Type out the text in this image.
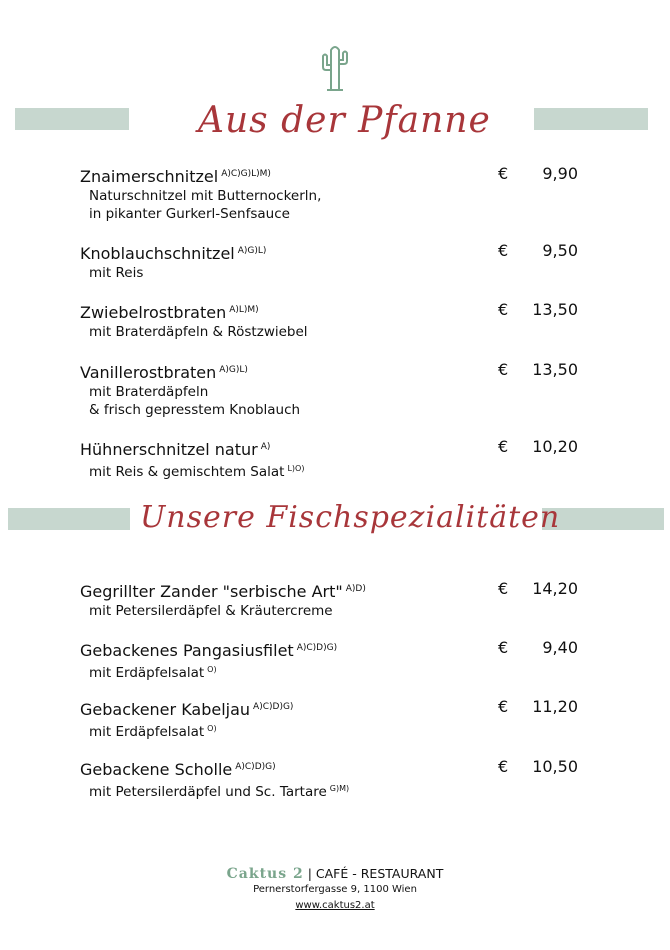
Aus der Pfanne
Znaimerschnitzel $^{A)C)G)L)M)}$
Naturschnitzel mit Butternockerln,
in pikanter Gurkerl-Senfsauce
€ 9,90
Knoblauchschnitzel $^{A)G)L)}$
mit Reis
€ 9,50
Zwiebelrostbraten $^{A)L)M)}$
mit Braterdäpfeln & Röstzwiebel
€ 13,50
Vanillerostbraten $^{A)G)L)}$
mit Braterdäpfeln
& frisch gepresstem Knoblauch
€ 13,50
Hühnerschnitzel natur $^{A)}$
mit Reis & gemischtem Salat $^{L)O)}$
€ 10,20
Unsere Fischspezialitäten
Gegrillter Zander "serbische Art" $^{A)D)}$
mit Petersilerdäpfel & Kräutercreme
€ 14,20
Gebackenes Pangasiusfilet $^{A)C)D)G)}$
mit Erdäpfelsalat $^{O)}$
€ 9,40
Gebackener Kabeljau $^{A)C)D)G)}$
mit Erdäpfelsalat $^{O)}$
€ 11,20
Gebackene Scholle $^{A)C)D)G)}$
mit Petersilerdäpfel und Sc. Tartare $^{G)M)}$
€ 10,50
Caktus 2 | CAFÉ - RESTAURANT
Pernerstorfergasse 9, 1100 Wien
www.caktus2.at
